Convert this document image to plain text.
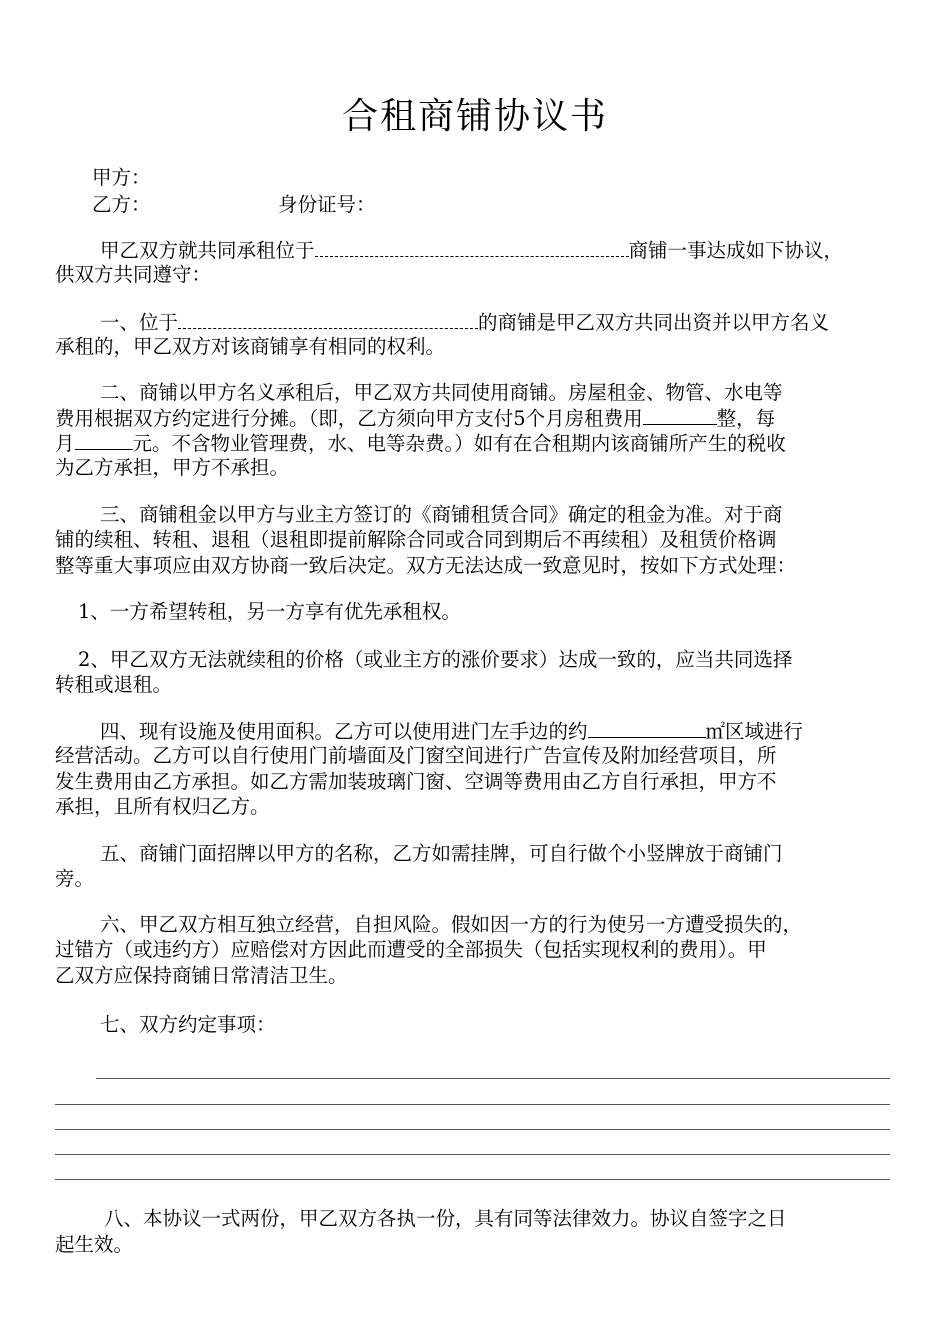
合租商铺协议书
甲方：
乙方：	身份证号：
甲乙双方就共同承租位于	商铺一事达成如下协议，
供双方共同遵守：
一、位于	的商铺是甲乙双方共同出资并以甲方名义
承租的，甲乙双方对该商铺享有相同的权利。
二、商铺以甲方名义承租后，甲乙双方共同使用商铺。房屋租金、物管、水电等
费用根据双方约定进行分摊。（即，乙方须向甲方支付5个月房租费用	整，每
月	元。不含物业管理费，水、电等杂费。）如有在合租期内该商铺所产生的税收
为乙方承担，甲方不承担。
三、商铺租金以甲方与业主方签订的《商铺租赁合同》确定的租金为准。对于商
铺的续租、转租、退租（退租即提前解除合同或合同到期后不再续租）及租赁价格调
整等重大事项应由双方协商一致后决定。双方无法达成一致意见时，按如下方式处理：
1、一方希望转租，另一方享有优先承租权。
2、甲乙双方无法就续租的价格（或业主方的涨价要求）达成一致的，应当共同选择
转租或退租。
四、现有设施及使用面积。乙方可以使用进门左手边的约	㎡区域进行
经营活动。乙方可以自行使用门前墙面及门窗空间进行广告宣传及附加经营项目，所
发生费用由乙方承担。如乙方需加装玻璃门窗、空调等费用由乙方自行承担，甲方不
承担，且所有权归乙方。
五、商铺门面招牌以甲方的名称，乙方如需挂牌，可自行做个小竖牌放于商铺门
旁。
六、甲乙双方相互独立经营，自担风险。假如因一方的行为使另一方遭受损失的，
过错方（或违约方）应赔偿对方因此而遭受的全部损失（包括实现权利的费用）。甲
乙双方应保持商铺日常清洁卫生。
七、双方约定事项：
八、本协议一式两份，甲乙双方各执一份，具有同等法律效力。协议自签字之日
起生效。
